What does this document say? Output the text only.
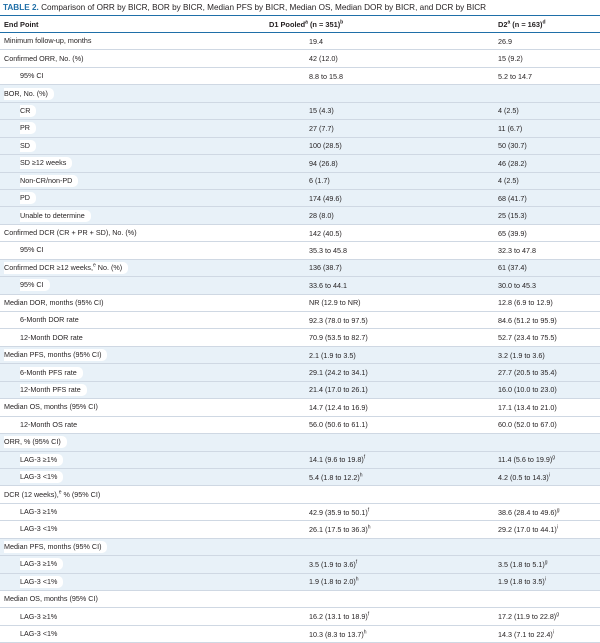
TABLE 2. Comparison of ORR by BICR, BOR by BICR, Median PFS by BICR, Median OS, Median DOR by BICR, and DCR by BICR
End Point	D1 Pooled$^a$ (n = 351)$^b$	D2$^a$ (n = 163)$^d$
Minimum follow-up, months	19.4	26.9
Confirmed ORR, No. (%)	42 (12.0)	15 (9.2)
95% CI	8.8 to 15.8	5.2 to 14.7
BOR, No. (%)		
CR	15 (4.3)	4 (2.5)
PR	27 (7.7)	11 (6.7)
SD	100 (28.5)	50 (30.7)
SD ≥12 weeks	94 (26.8)	46 (28.2)
Non-CR/non-PD	6 (1.7)	4 (2.5)
PD	174 (49.6)	68 (41.7)
Unable to determine	28 (8.0)	25 (15.3)
Confirmed DCR (CR + PR + SD), No. (%)	142 (40.5)	65 (39.9)
95% CI	35.3 to 45.8	32.3 to 47.8
Confirmed DCR ≥12 weeks,$^e$ No. (%)	136 (38.7)	61 (37.4)
95% CI	33.6 to 44.1	30.0 to 45.3
Median DOR, months (95% CI)	NR (12.9 to NR)	12.8 (6.9 to 12.9)
6-Month DOR rate	92.3 (78.0 to 97.5)	84.6 (51.2 to 95.9)
12-Month DOR rate	70.9 (53.5 to 82.7)	52.7 (23.4 to 75.5)
Median PFS, months (95% CI)	2.1 (1.9 to 3.5)	3.2 (1.9 to 3.6)
6-Month PFS rate	29.1 (24.2 to 34.1)	27.7 (20.5 to 35.4)
12-Month PFS rate	21.4 (17.0 to 26.1)	16.0 (10.0 to 23.0)
Median OS, months (95% CI)	14.7 (12.4 to 16.9)	17.1 (13.4 to 21.0)
12-Month OS rate	56.0 (50.6 to 61.1)	60.0 (52.0 to 67.0)
ORR, % (95% CI)		
LAG-3 ≥1%	14.1 (9.6 to 19.8)$^f$	11.4 (5.6 to 19.9)$^g$
LAG-3 <1%	5.4 (1.8 to 12.2)$^h$	4.2 (0.5 to 14.3)$^i$
DCR (12 weeks),$^e$ % (95% CI)		
LAG-3 ≥1%	42.9 (35.9 to 50.1)$^f$	38.6 (28.4 to 49.6)$^g$
LAG-3 <1%	26.1 (17.5 to 36.3)$^h$	29.2 (17.0 to 44.1)$^i$
Median PFS, months (95% CI)		
LAG-3 ≥1%	3.5 (1.9 to 3.6)$^f$	3.5 (1.8 to 5.1)$^g$
LAG-3 <1%	1.9 (1.8 to 2.0)$^h$	1.9 (1.8 to 3.5)$^i$
Median OS, months (95% CI)		
LAG-3 ≥1%	16.2 (13.1 to 18.9)$^f$	17.2 (11.9 to 22.8)$^g$
LAG-3 <1%	10.3 (8.3 to 13.7)$^h$	14.3 (7.1 to 22.4)$^i$
